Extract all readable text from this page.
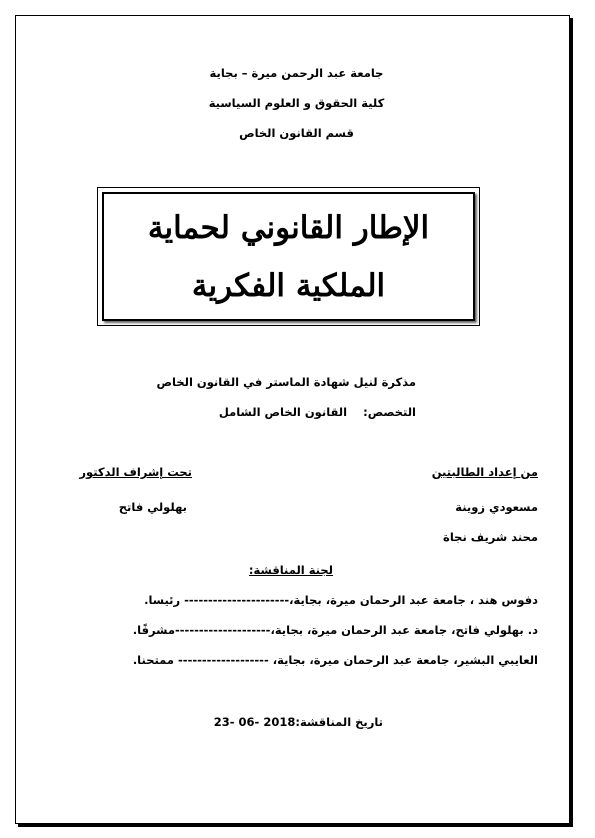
جامعة عبد الرحمن ميرة – بجاية
كلية الحقوق و العلوم السياسية
قسم القانون الخاص
الإطار القانوني لحماية
الملكية الفكرية
مذكرة لنيل شهادة الماستر في القانون الخاص
التخصص:    القانون الخاص الشامل
من إعداد الطالبتين
مسعودي زوينة
محند شريف نجاة
تحت إشراف الدكتور
بهلولي فاتح
لجنة المناقشة:
دفوس هند ، جامعة عبد الرحمان ميرة، بجاية،---------------------- رئيسا.
د. بهلولي فاتح، جامعة عبد الرحمان ميرة، بجاية،--------------------مشرفًا.
العايبي البشير، جامعة عبد الرحمان ميرة، بجاية، ------------------- ممتحنا.
تاريخ المناقشة:23- 06- 2018
